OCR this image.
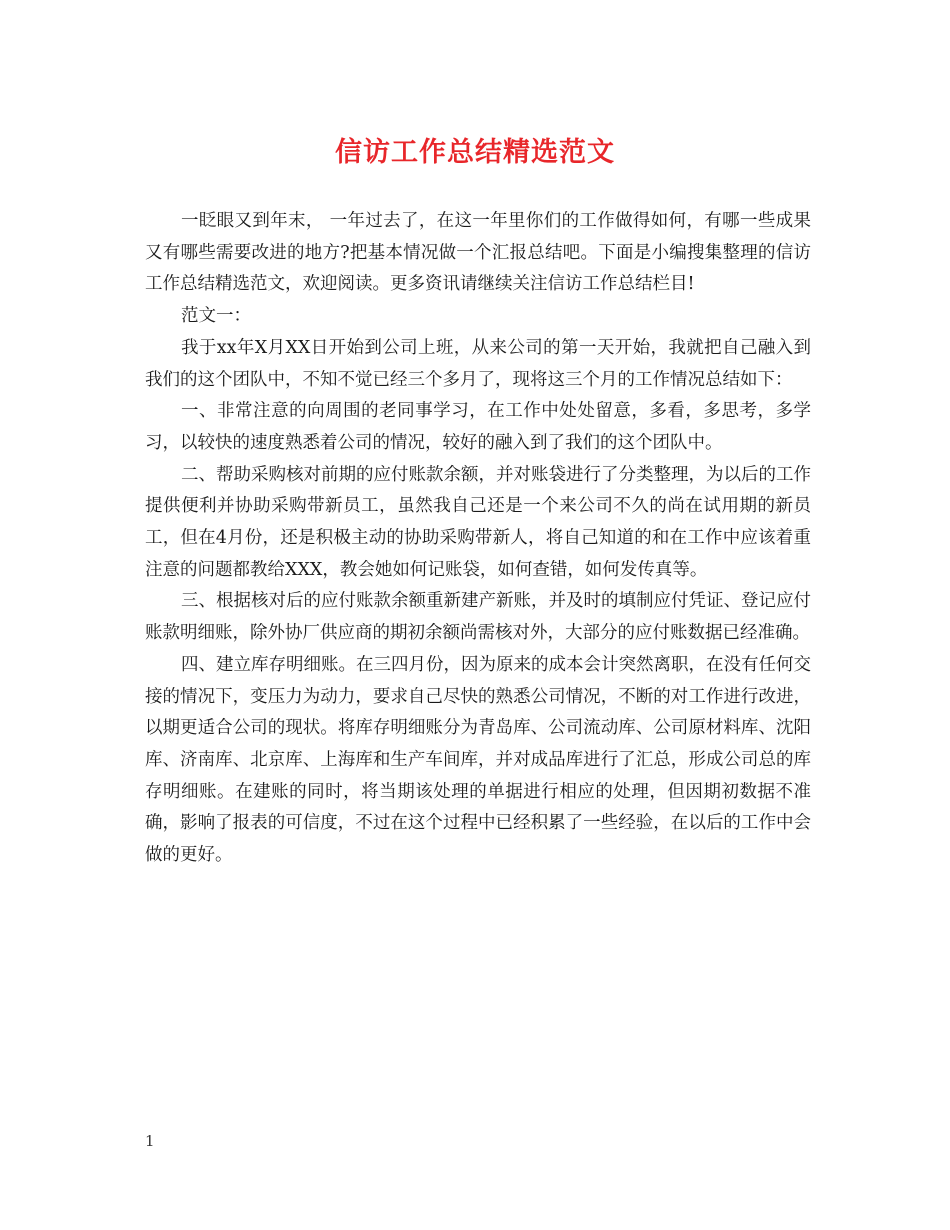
信访工作总结精选范文

一眨眼又到年末， 一年过去了，在这一年里你们的工作做得如何，有哪一些成果又有哪些需要改进的地方?把基本情况做一个汇报总结吧。下面是小编搜集整理的信访工作总结精选范文，欢迎阅读。更多资讯请继续关注信访工作总结栏目!

范文一：

我于xx年X月XX日开始到公司上班，从来公司的第一天开始，我就把自己融入到我们的这个团队中，不知不觉已经三个多月了，现将这三个月的工作情况总结如下：

一、非常注意的向周围的老同事学习，在工作中处处留意，多看，多思考，多学习，以较快的速度熟悉着公司的情况，较好的融入到了我们的这个团队中。

二、帮助采购核对前期的应付账款余额，并对账袋进行了分类整理，为以后的工作提供便利并协助采购带新员工，虽然我自己还是一个来公司不久的尚在试用期的新员工，但在4月份，还是积极主动的协助采购带新人，将自己知道的和在工作中应该着重注意的问题都教给XXX，教会她如何记账袋，如何查错，如何发传真等。

三、根据核对后的应付账款余额重新建产新账，并及时的填制应付凭证、登记应付账款明细账，除外协厂供应商的期初余额尚需核对外，大部分的应付账数据已经准确。

四、建立库存明细账。在三四月份，因为原来的成本会计突然离职，在没有任何交接的情况下，变压力为动力，要求自己尽快的熟悉公司情况，不断的对工作进行改进，以期更适合公司的现状。将库存明细账分为青岛库、公司流动库、公司原材料库、沈阳库、济南库、北京库、上海库和生产车间库，并对成品库进行了汇总，形成公司总的库存明细账。在建账的同时，将当期该处理的单据进行相应的处理，但因期初数据不准确，影响了报表的可信度，不过在这个过程中已经积累了一些经验，在以后的工作中会做的更好。

1
